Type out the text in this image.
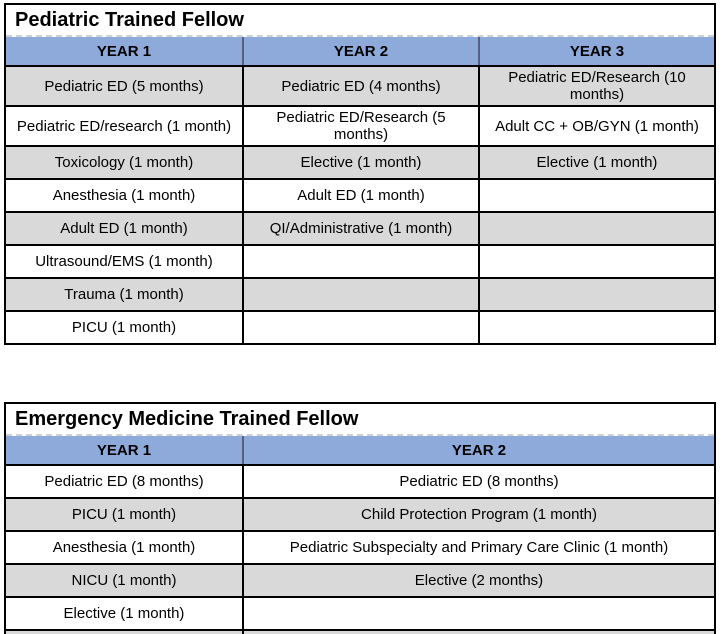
Pediatric Trained Fellow
YEAR 1	YEAR 2	YEAR 3
Pediatric ED (5 months)	Pediatric ED (4 months)	Pediatric ED/Research (10 months)
Pediatric ED/research (1 month)	Pediatric ED/Research (5 months)	Adult CC + OB/GYN (1 month)
Toxicology (1 month)	Elective (1 month)	Elective (1 month)
Anesthesia (1 month)	Adult ED (1 month)
Adult ED (1 month)	QI/Administrative (1 month)
Ultrasound/EMS (1 month)
Trauma (1 month)
PICU (1 month)
Emergency Medicine Trained Fellow
YEAR 1	YEAR 2
Pediatric ED (8 months)	Pediatric ED (8 months)
PICU (1 month)	Child Protection Program (1 month)
Anesthesia (1 month)	Pediatric Subspecialty and Primary Care Clinic (1 month)
NICU (1 month)	Elective (2 months)
Elective (1 month)
